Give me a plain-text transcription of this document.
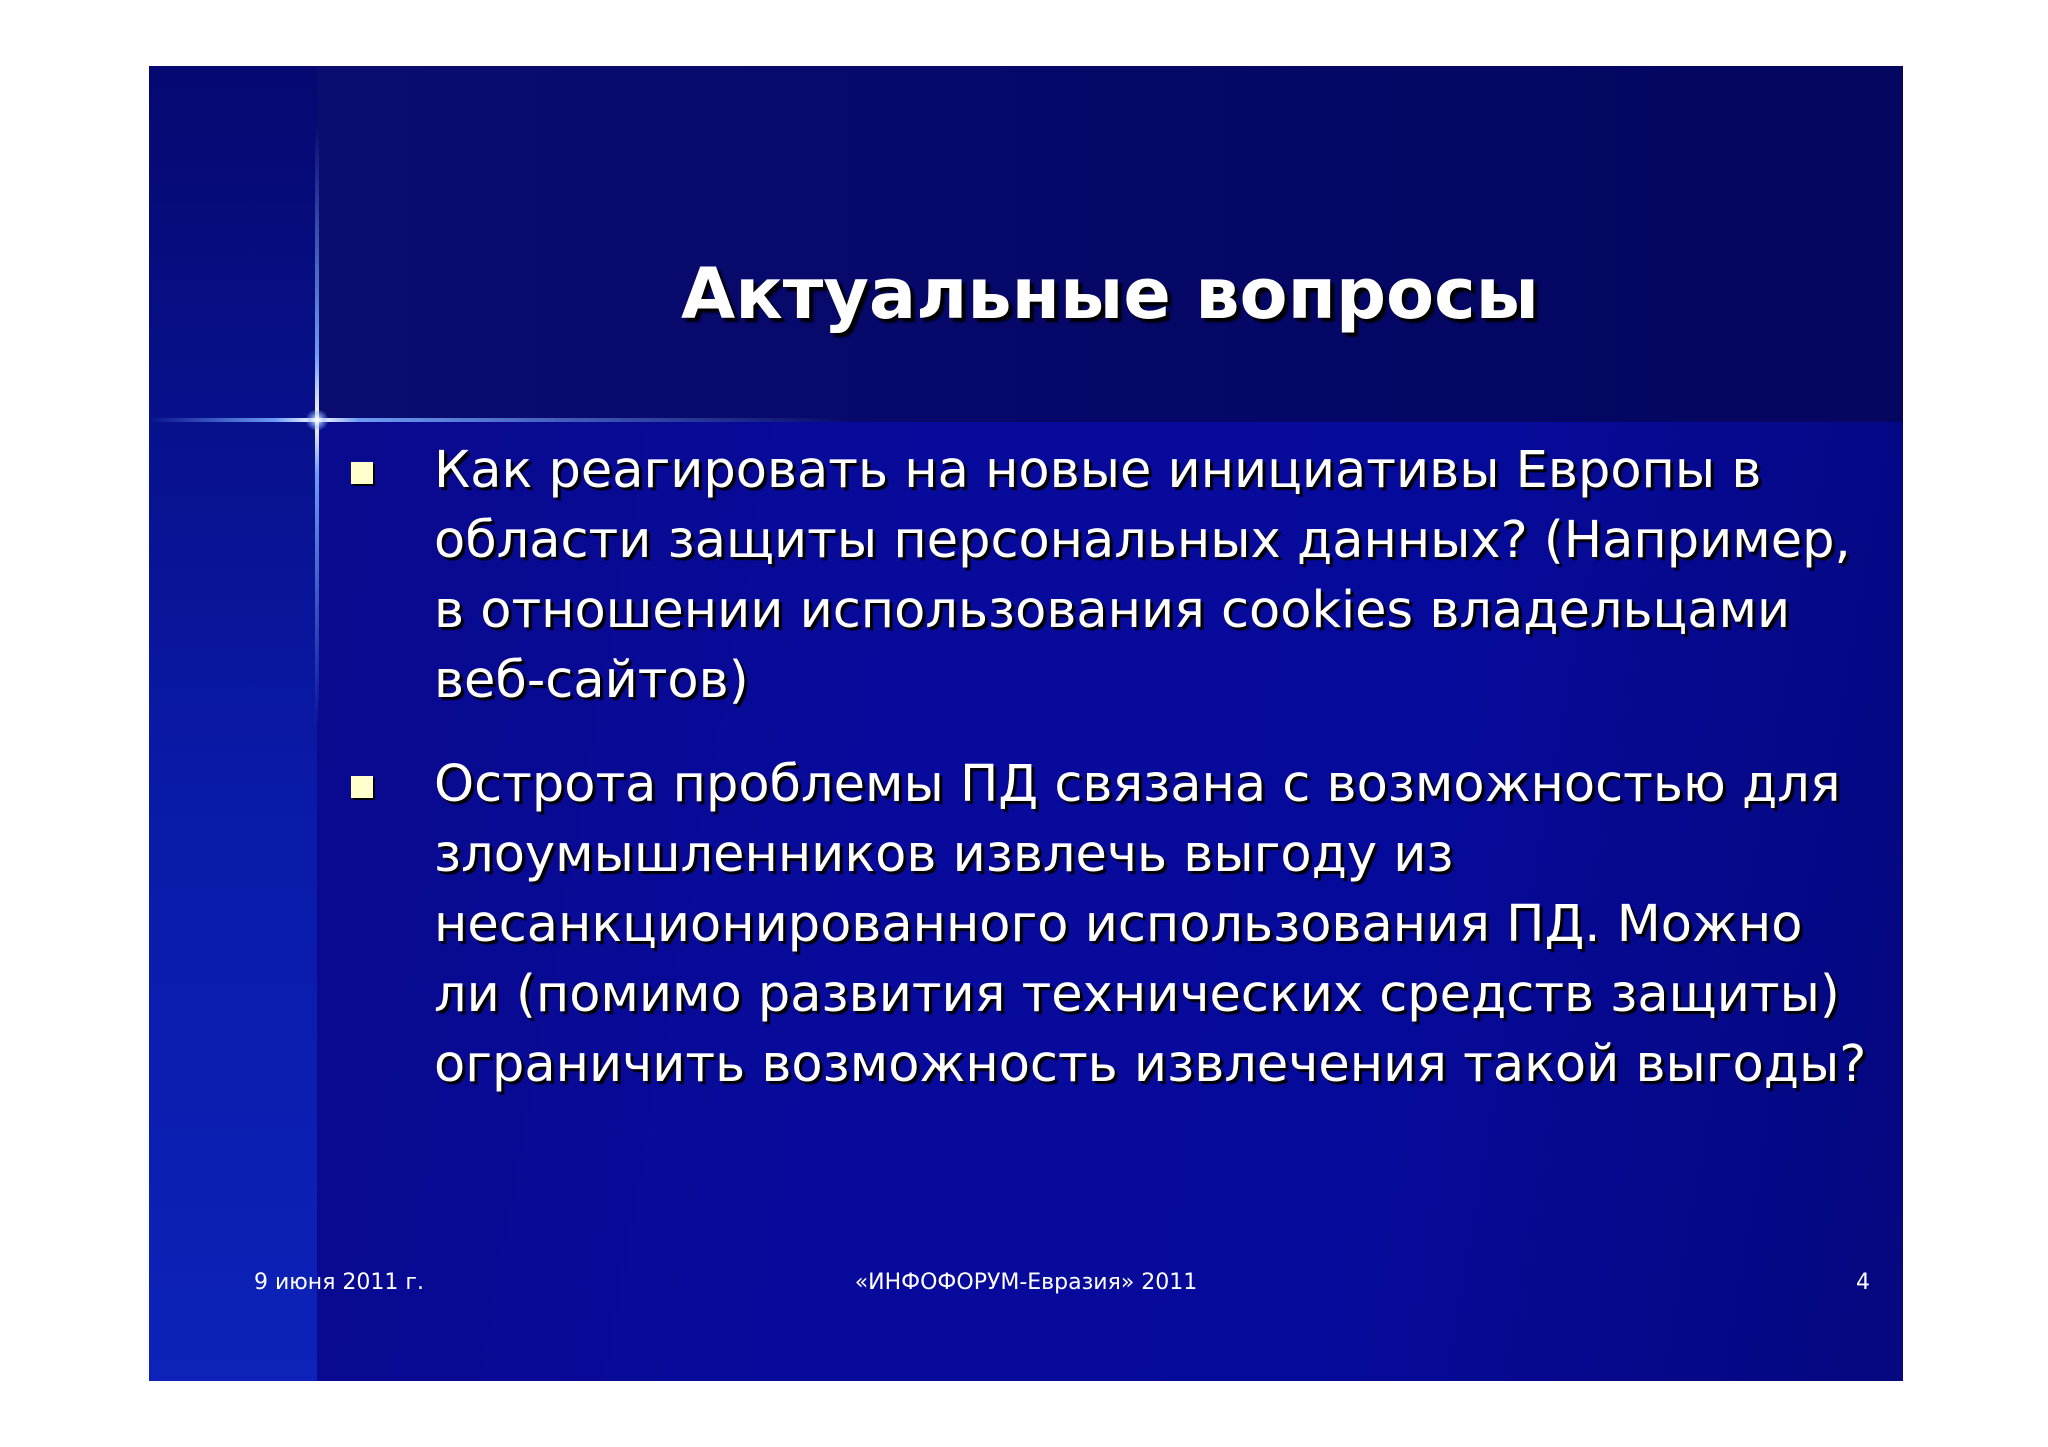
Актуальные вопросы
Как реагировать на новые инициативы Европы в области защиты персональных данных? (Например, в отношении использования cookies владельцами веб-сайтов)
Острота проблемы ПД связана с возможностью для злоумышленников извлечь выгоду из несанкционированного использования ПД. Можно ли (помимо развития технических средств защиты) ограничить возможность извлечения такой выгоды?
9 июня 2011 г.	«ИНФОФОРУМ-Евразия» 2011	4
